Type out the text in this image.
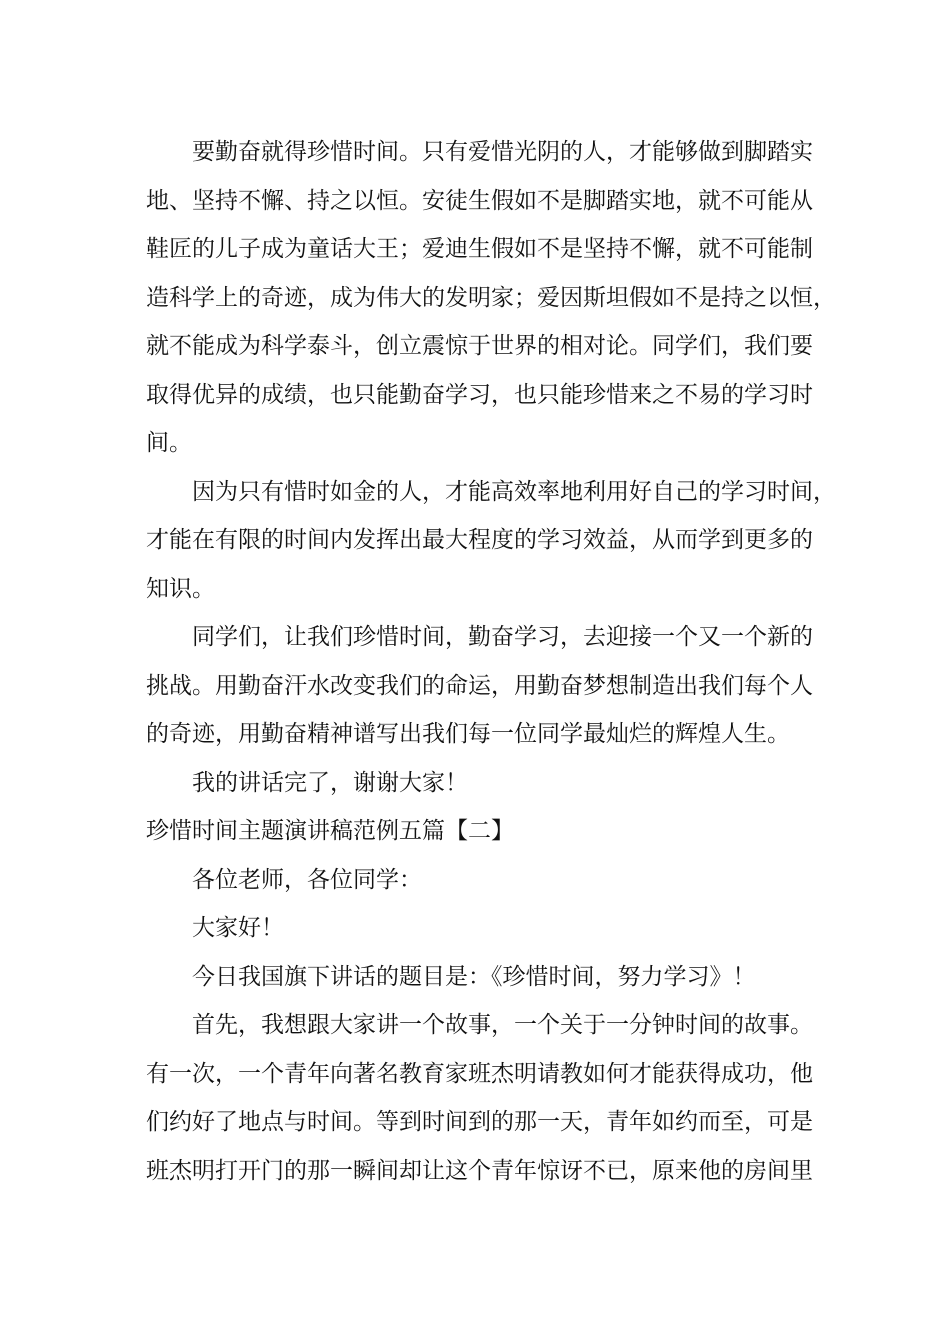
要勤奋就得珍惜时间。只有爱惜光阴的人，才能够做到脚踏实
地、坚持不懈、持之以恒。安徒生假如不是脚踏实地，就不可能从
鞋匠的儿子成为童话大王；爱迪生假如不是坚持不懈，就不可能制
造科学上的奇迹，成为伟大的发明家；爱因斯坦假如不是持之以恒，
就不能成为科学泰斗，创立震惊于世界的相对论。同学们，我们要
取得优异的成绩，也只能勤奋学习，也只能珍惜来之不易的学习时
间。
因为只有惜时如金的人，才能高效率地利用好自己的学习时间，
才能在有限的时间内发挥出最大程度的学习效益，从而学到更多的
知识。
同学们，让我们珍惜时间，勤奋学习，去迎接一个又一个新的
挑战。用勤奋汗水改变我们的命运，用勤奋梦想制造出我们每个人
的奇迹，用勤奋精神谱写出我们每一位同学最灿烂的辉煌人生。
我的讲话完了，谢谢大家！
珍惜时间主题演讲稿范例五篇【二】
各位老师，各位同学：
大家好！
今日我国旗下讲话的题目是：《珍惜时间，努力学习》！
首先，我想跟大家讲一个故事，一个关于一分钟时间的故事。
有一次，一个青年向著名教育家班杰明请教如何才能获得成功，他
们约好了地点与时间。等到时间到的那一天，青年如约而至，可是
班杰明打开门的那一瞬间却让这个青年惊讶不已，原来他的房间里
